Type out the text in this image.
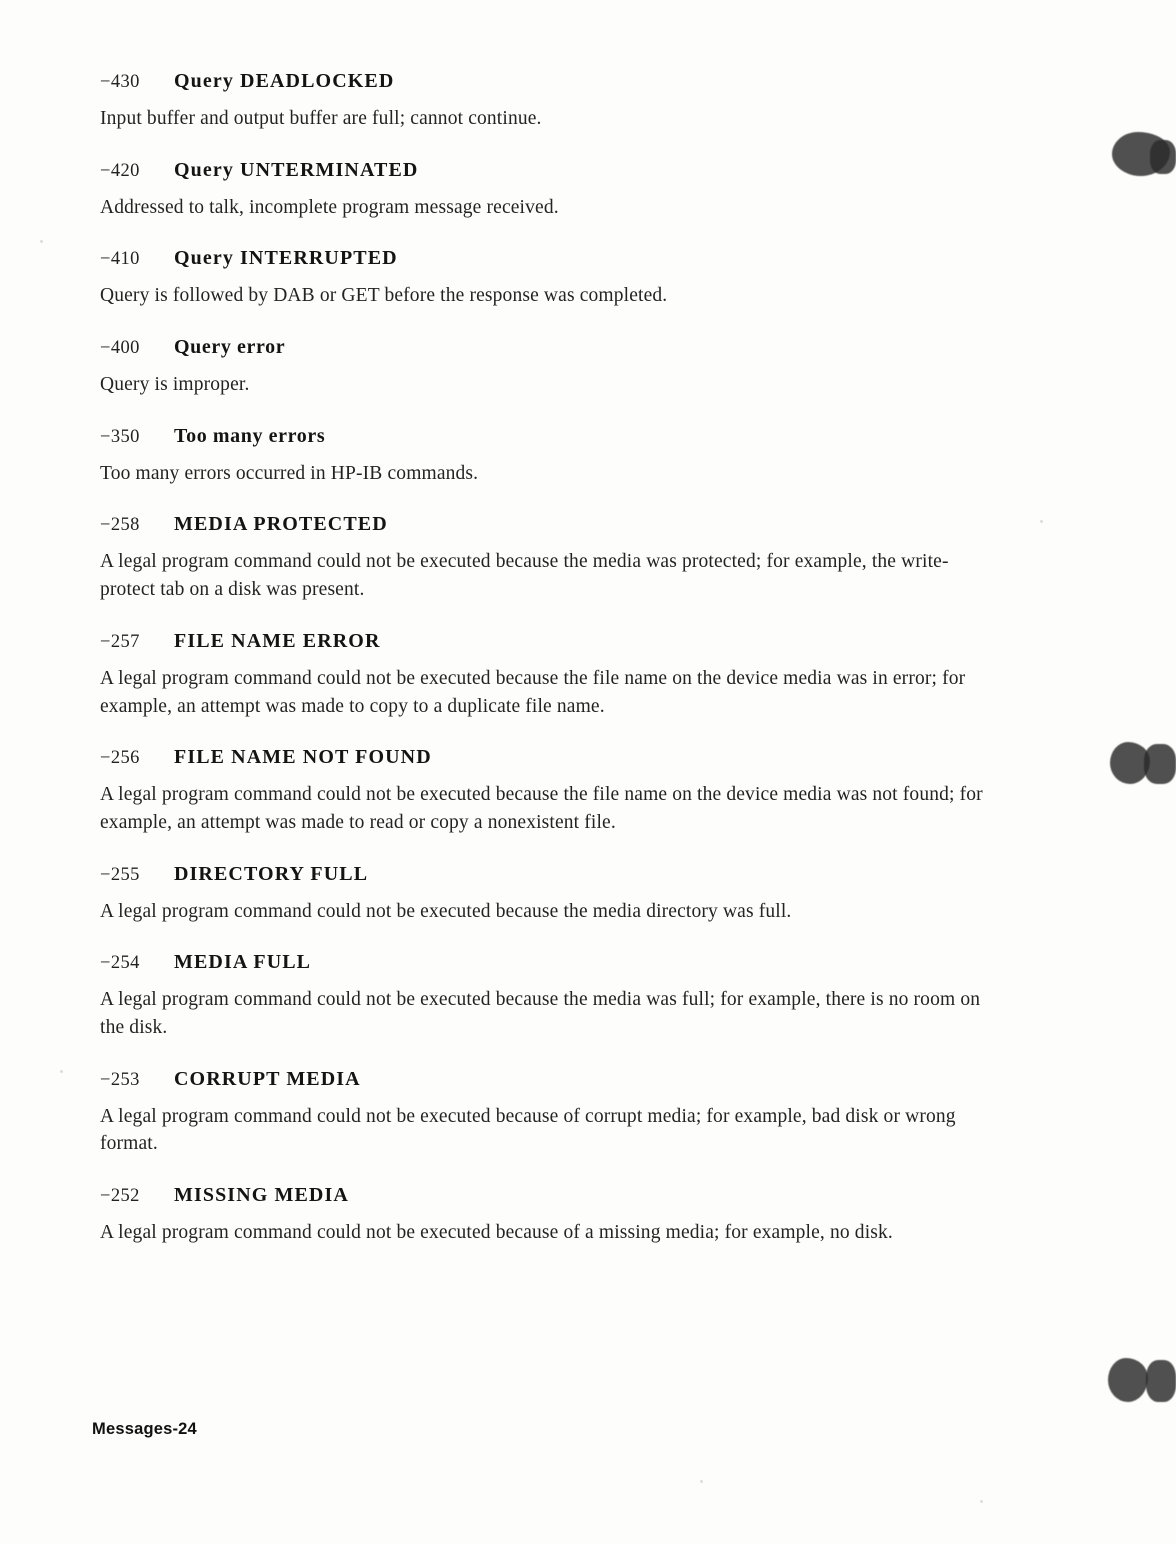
−430	Query DEADLOCKED
Input buffer and output buffer are full; cannot continue.
−420	Query UNTERMINATED
Addressed to talk, incomplete program message received.
−410	Query INTERRUPTED
Query is followed by DAB or GET before the response was completed.
−400	Query error
Query is improper.
−350	Too many errors
Too many errors occurred in HP-IB commands.
−258	MEDIA PROTECTED
A legal program command could not be executed because the media was protected; for example, the write-protect tab on a disk was present.
−257	FILE NAME ERROR
A legal program command could not be executed because the file name on the device media was in error; for example, an attempt was made to copy to a duplicate file name.
−256	FILE NAME NOT FOUND
A legal program command could not be executed because the file name on the device media was not found; for example, an attempt was made to read or copy a nonexistent file.
−255	DIRECTORY FULL
A legal program command could not be executed because the media directory was full.
−254	MEDIA FULL
A legal program command could not be executed because the media was full; for example, there is no room on the disk.
−253	CORRUPT MEDIA
A legal program command could not be executed because of corrupt media; for example, bad disk or wrong format.
−252	MISSING MEDIA
A legal program command could not be executed because of a missing media; for example, no disk.
Messages-24
